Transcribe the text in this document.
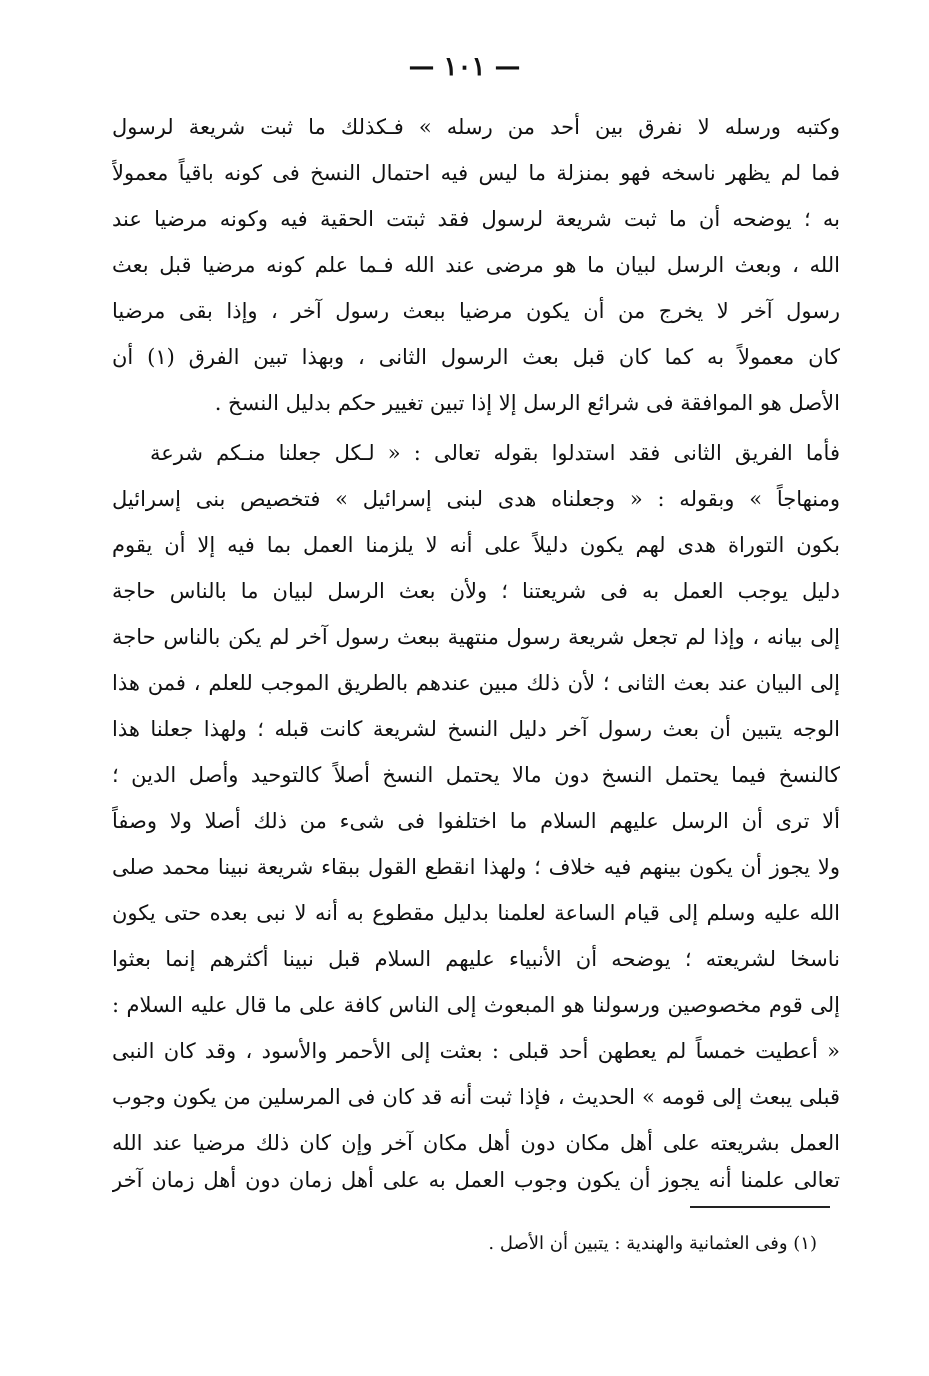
— ١٠١ —
وكتبه ورسله لا نفرق بين أحد من رسله » فـكذلك ما ثبت شريعة لرسول
فما لم يظهر ناسخه فهو بمنزلة ما ليس فيه احتمال النسخ فى كونه باقياً معمولاً
به ؛ يوضحه أن ما ثبت شريعة لرسول فقد ثبتت الحقية فيه وكونه مرضيا عند
الله ، وبعث الرسل لبيان ما هو مرضى عند الله فـما علم كونه مرضيا قبل بعث
رسول آخر لا يخرج من أن يكون مرضيا ببعث رسول آخر ، وإذا بقى مرضيا
كان معمولاً به كما كان قبل بعث الرسول الثانى ، وبهذا تبين الفرق (١) أن
الأصل هو الموافقة فى شرائع الرسل إلا إذا تبين تغيير حكم بدليل النسخ .
فأما الفريق الثانى فقد استدلوا بقوله تعالى : « لـكل جعلنا منـكم شرعة
ومنهاجاً » وبقوله : « وجعلناه هدى لبنى إسرائيل » فتخصيص بنى إسرائيل
بكون التوراة هدى لهم يكون دليلاً على أنه لا يلزمنا العمل بما فيه إلا أن يقوم
دليل يوجب العمل به فى شريعتنا ؛ ولأن بعث الرسل لبيان ما بالناس حاجة
إلى بيانه ، وإذا لم تجعل شريعة رسول منتهية ببعث رسول آخر لم يكن بالناس حاجة
إلى البيان عند بعث الثانى ؛ لأن ذلك مبين عندهم بالطريق الموجب للعلم ، فمن هذا
الوجه يتبين أن بعث رسول آخر دليل النسخ لشريعة كانت قبله ؛ ولهذا جعلنا هذا
كالنسخ فيما يحتمل النسخ دون مالا يحتمل النسخ أصلاً كالتوحيد وأصل الدين ؛
ألا ترى أن الرسل عليهم السلام ما اختلفوا فى شىء من ذلك أصلا ولا وصفاً
ولا يجوز أن يكون بينهم فيه خلاف ؛ ولهذا انقطع القول ببقاء شريعة نبينا محمد صلى
الله عليه وسلم إلى قيام الساعة لعلمنا بدليل مقطوع به أنه لا نبى بعده حتى يكون
ناسخا لشريعته ؛ يوضحه أن الأنبياء عليهم السلام قبل نبينا أكثرهم إنما بعثوا
إلى قوم مخصوصين ورسولنا هو المبعوث إلى الناس كافة على ما قال عليه السلام :
« أعطيت خمساً لم يعطهن أحد قبلى : بعثت إلى الأحمر والأسود ، وقد كان النبى
قبلى يبعث إلى قومه » الحديث ، فإذا ثبت أنه قد كان فى المرسلين من يكون وجوب
العمل بشريعته على أهل مكان دون أهل مكان آخر وإن كان ذلك مرضيا عند الله
تعالى علمنا أنه يجوز أن يكون وجوب العمل به على أهل زمان دون أهل زمان آخر
(١) وفى العثمانية والهندية : يتبين أن الأصل .
